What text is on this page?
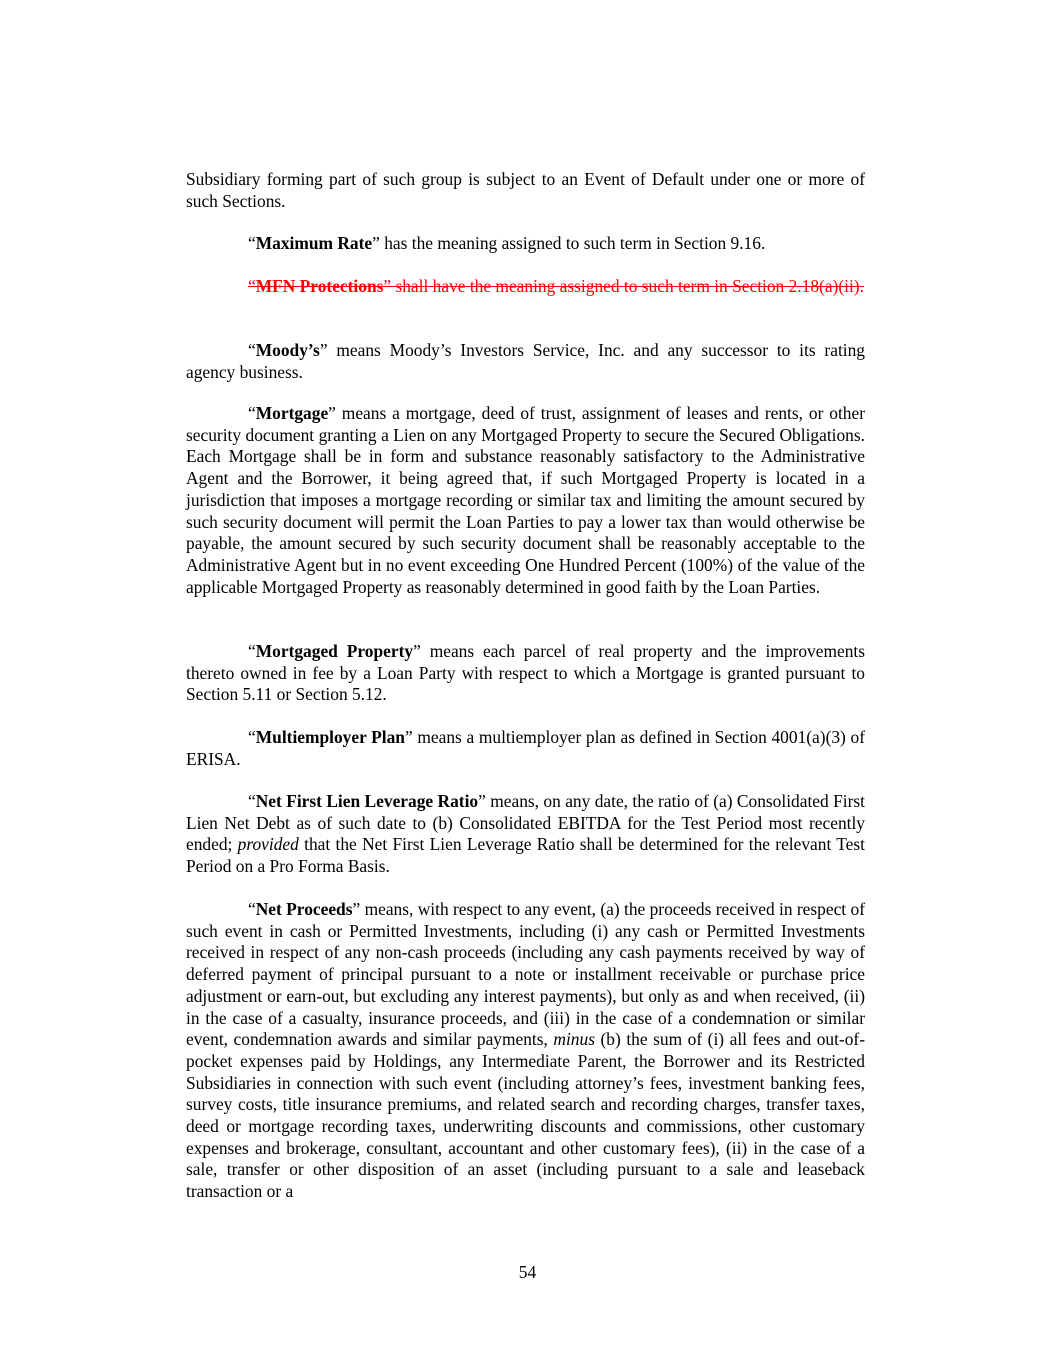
Subsidiary forming part of such group is subject to an Event of Default under one or more of such Sections.

“Maximum Rate” has the meaning assigned to such term in Section 9.16.

“MFN Protections” shall have the meaning assigned to such term in Section 2.18(a)(ii).

“Moody’s” means Moody’s Investors Service, Inc. and any successor to its rating agency business.

“Mortgage” means a mortgage, deed of trust, assignment of leases and rents, or other security document granting a Lien on any Mortgaged Property to secure the Secured Obligations. Each Mortgage shall be in form and substance reasonably satisfactory to the Administrative Agent and the Borrower, it being agreed that, if such Mortgaged Property is located in a jurisdiction that imposes a mortgage recording or similar tax and limiting the amount secured by such security document will permit the Loan Parties to pay a lower tax than would otherwise be payable, the amount secured by such security document shall be reasonably acceptable to the Administrative Agent but in no event exceeding One Hundred Percent (100%) of the value of the applicable Mortgaged Property as reasonably determined in good faith by the Loan Parties.

“Mortgaged Property” means each parcel of real property and the improvements thereto owned in fee by a Loan Party with respect to which a Mortgage is granted pursuant to Section 5.11 or Section 5.12.

“Multiemployer Plan” means a multiemployer plan as defined in Section 4001(a)(3) of ERISA.

“Net First Lien Leverage Ratio” means, on any date, the ratio of (a) Consolidated First Lien Net Debt as of such date to (b) Consolidated EBITDA for the Test Period most recently ended; provided that the Net First Lien Leverage Ratio shall be determined for the relevant Test Period on a Pro Forma Basis.

“Net Proceeds” means, with respect to any event, (a) the proceeds received in respect of such event in cash or Permitted Investments, including (i) any cash or Permitted Investments received in respect of any non-cash proceeds (including any cash payments received by way of deferred payment of principal pursuant to a note or installment receivable or purchase price adjustment or earn-out, but excluding any interest payments), but only as and when received, (ii) in the case of a casualty, insurance proceeds, and (iii) in the case of a condemnation or similar event, condemnation awards and similar payments, minus (b) the sum of (i) all fees and out-of-pocket expenses paid by Holdings, any Intermediate Parent, the Borrower and its Restricted Subsidiaries in connection with such event (including attorney’s fees, investment banking fees, survey costs, title insurance premiums, and related search and recording charges, transfer taxes, deed or mortgage recording taxes, underwriting discounts and commissions, other customary expenses and brokerage, consultant, accountant and other customary fees), (ii) in the case of a sale, transfer or other disposition of an asset (including pursuant to a sale and leaseback transaction or a

54
